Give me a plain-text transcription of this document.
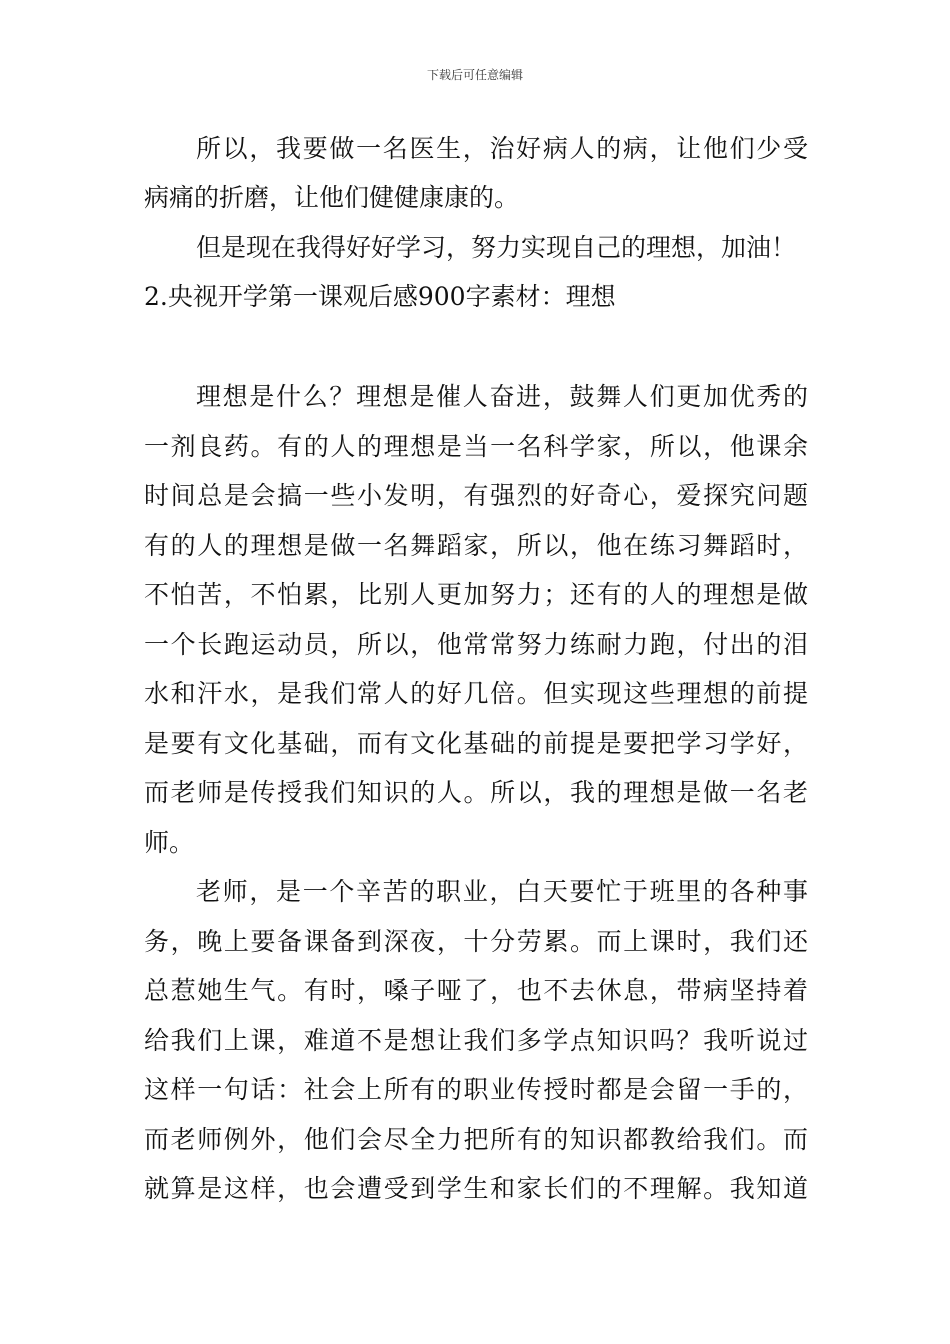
下载后可任意编辑
所以，我要做一名医生，治好病人的病，让他们少受
病痛的折磨，让他们健健康康的。
但是现在我得好好学习，努力实现自己的理想，加油！
2.央视开学第一课观后感900字素材：理想
理想是什么？理想是催人奋进，鼓舞人们更加优秀的
一剂良药。有的人的理想是当一名科学家，所以，他课余
时间总是会搞一些小发明，有强烈的好奇心，爱探究问题
有的人的理想是做一名舞蹈家，所以，他在练习舞蹈时，
不怕苦，不怕累，比别人更加努力；还有的人的理想是做
一个长跑运动员，所以，他常常努力练耐力跑，付出的泪
水和汗水，是我们常人的好几倍。但实现这些理想的前提
是要有文化基础，而有文化基础的前提是要把学习学好，
而老师是传授我们知识的人。所以，我的理想是做一名老
师。
老师，是一个辛苦的职业，白天要忙于班里的各种事
务，晚上要备课备到深夜，十分劳累。而上课时，我们还
总惹她生气。有时，嗓子哑了，也不去休息，带病坚持着
给我们上课，难道不是想让我们多学点知识吗？我听说过
这样一句话：社会上所有的职业传授时都是会留一手的，
而老师例外，他们会尽全力把所有的知识都教给我们。而
就算是这样，也会遭受到学生和家长们的不理解。我知道
